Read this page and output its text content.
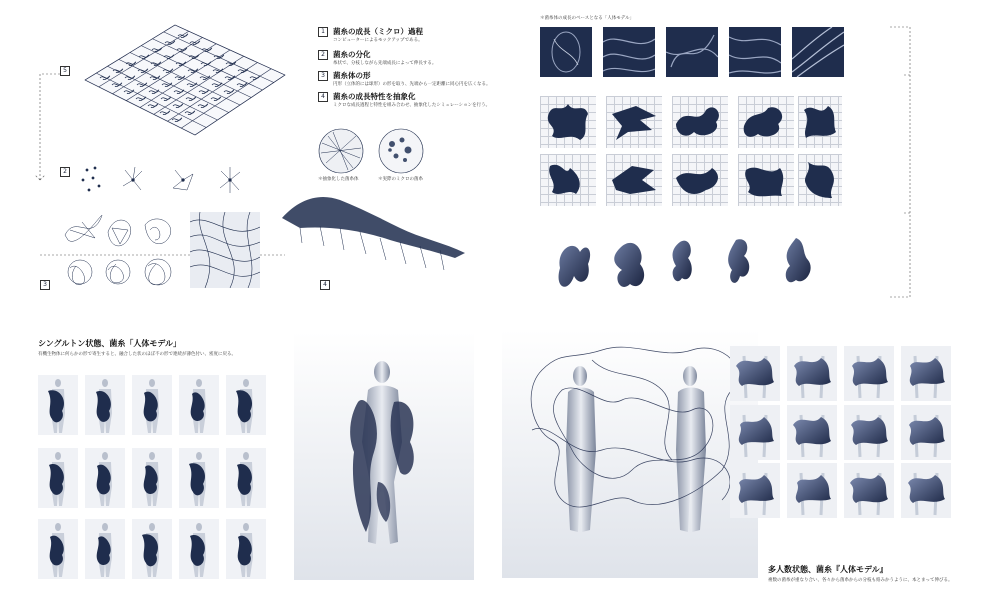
5
2
3
1	菌糸の成長（ミクロ）過程
コンピューターによるモックアップである。
2	菌糸の分化
糸状で、分枝しながら先端成長によって伸長する。
3	菌糸体の形
円形（立体的には球形）の形を取り、先端から一定距離に同心円を広くなる。
4	菌糸の成長特性を抽象化
ミクロな成長過程と特性を組み合わせ、抽象化したシミュレーションを行う。
＊抽象化した菌糸体	＊実際のミクロの菌糸
4
＊菌糸体の成長のベースとなる「人体モデル」
シングルトン状態、菌糸「人体モデル」
有機生物体に何らかの形で寄生すると、融合した状のほぼ不の形で連続が薄色付い、密度に戻る。
多人数状態、菌糸『人体モデル』
複数の菌糸が重なり合い、各々から菌糸からの分枝も絡みかうように、本とまって伸びる。
